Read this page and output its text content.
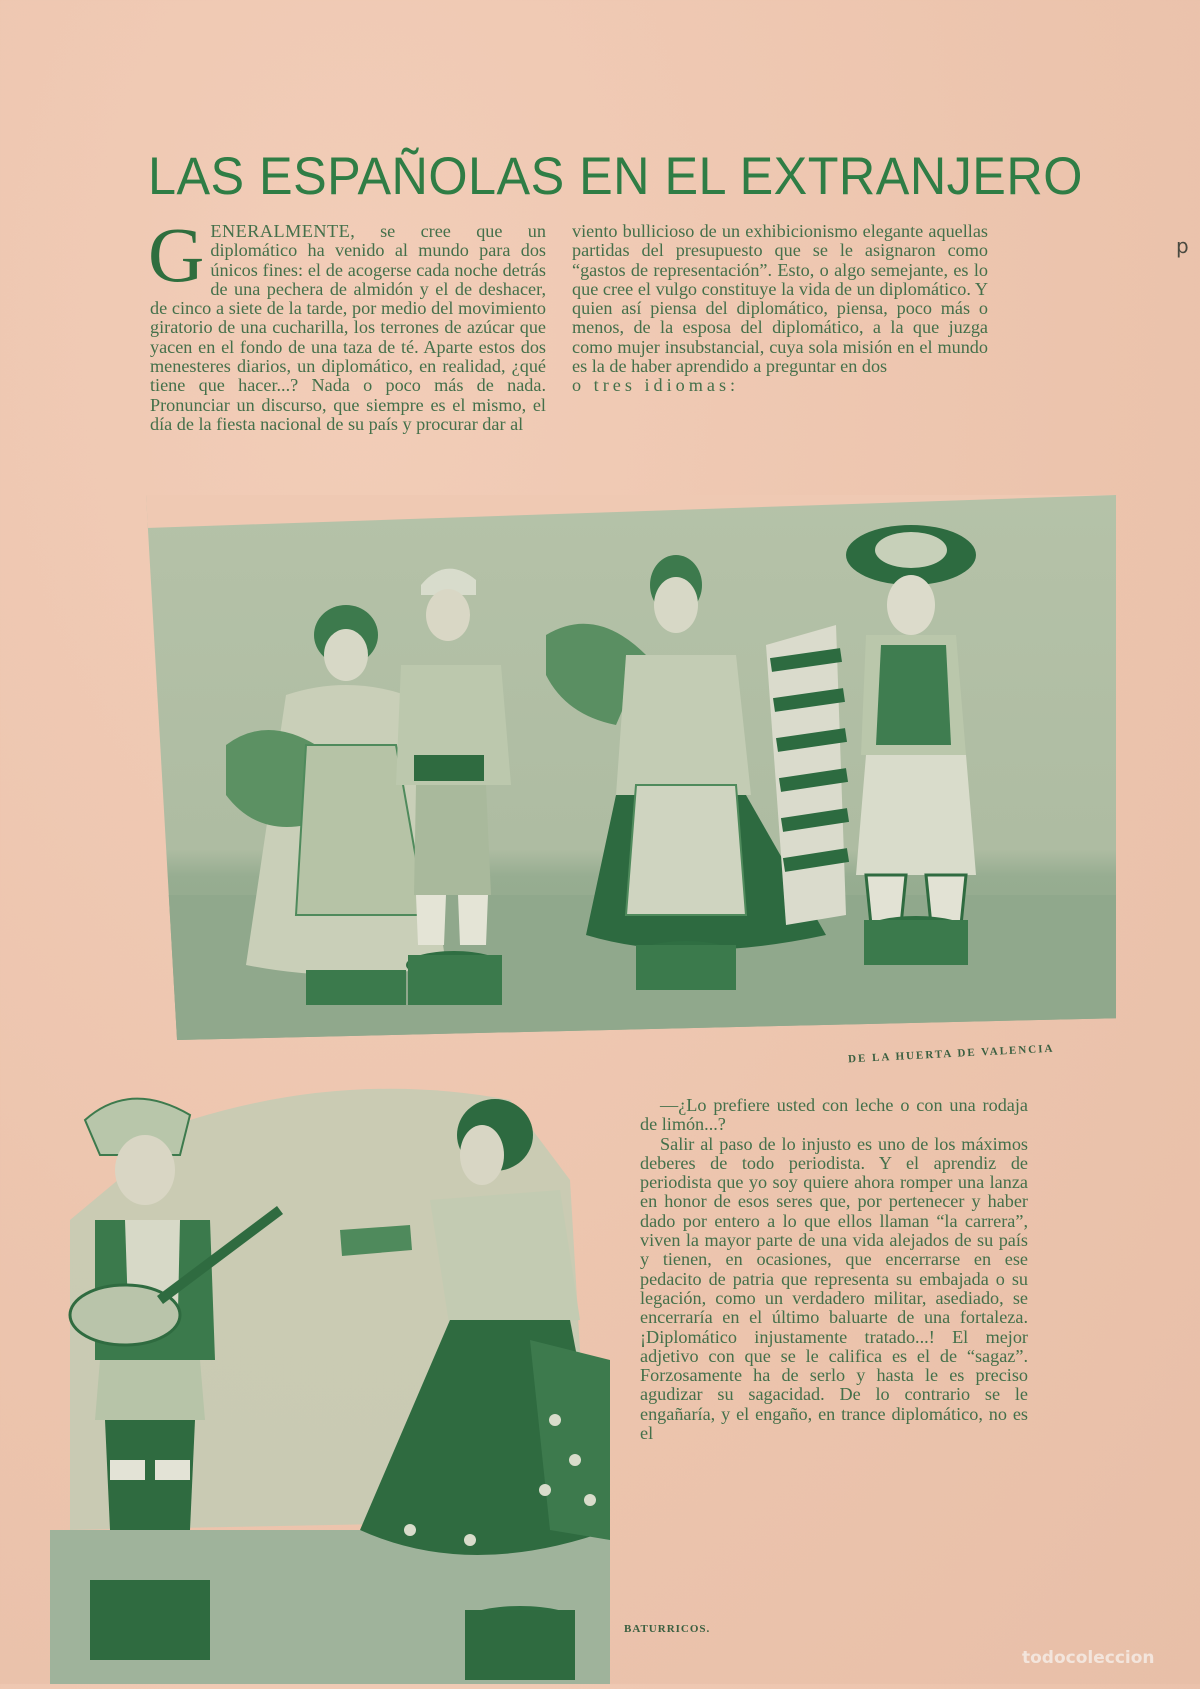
LAS ESPAÑOLAS EN EL EXTRANJERO

GENERALMENTE, se cree que un diplomático ha venido al mundo para dos únicos fines: el de acogerse cada noche detrás de una pechera de almidón y el de deshacer, de cinco a siete de la tarde, por medio del movimiento giratorio de una cucharilla, los terrones de azúcar que yacen en el fondo de una taza de té. Aparte estos dos menesteres diarios, un diplomático, en realidad, ¿qué tiene que hacer...? Nada o poco más de nada. Pronunciar un discurso, que siempre es el mismo, el día de la fiesta nacional de su país y procurar dar al

viento bullicioso de un exhibicionismo elegante aquellas partidas del presupuesto que se le asignaron como “gastos de representación”. Esto, o algo semejante, es lo que cree el vulgo constituye la vida de un diplomático. Y quien así piensa del diplomático, piensa, poco más o menos, de la esposa del diplomático, a la que juzga como mujer insubstancial, cuya sola misión en el mundo es la de haber aprendido a preguntar en dos
o tres idiomas:

p
DE LA HUERTA DE VALENCIA

—¿Lo prefiere usted con leche o con una rodaja de limón...?

Salir al paso de lo injusto es uno de los máximos deberes de todo periodista. Y el aprendiz de periodista que yo soy quiere ahora romper una lanza en honor de esos seres que, por pertenecer y haber dado por entero a lo que ellos llaman “la carrera”, viven la mayor parte de una vida alejados de su país y tienen, en ocasiones, que encerrarse en ese pedacito de patria que representa su embajada o su legación, como un verdadero militar, asediado, se encerraría en el último baluarte de una fortaleza. ¡Diplomático injustamente tratado...! El mejor adjetivo con que se le califica es el de “sagaz”. Forzosamente ha de serlo y hasta le es preciso agudizar su sagacidad. De lo contrario se le engañaría, y el engaño, en trance diplomático, no es el

BATURRICOS.
todocoleccion
